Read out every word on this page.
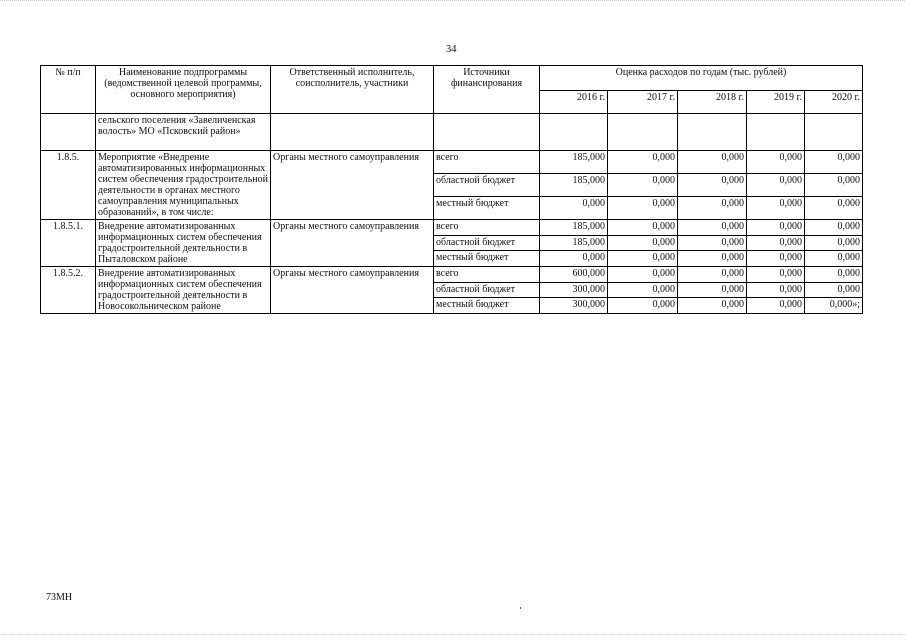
34
№ п/п	Наименование подпрограммы (ведомственной целевой программы, основного мероприятия)	Ответственный исполнитель, соисполнитель, участники	Источники финансирования	Оценка расходов по годам (тыс. рублей)				
				2016 г.	2017 г.	2018 г.	2019 г.	2020 г.
	сельского поселения «Завеличенская волость» МО «Псковский район»							
1.8.5.	Мероприятие «Внедрение автоматизированных информационных систем обеспечения градостроительной деятельности в органах местного самоуправления муниципальных образований», в том числе:	Органы местного самоуправления	всего	185,000	0,000	0,000	0,000	0,000
			областной бюджет	185,000	0,000	0,000	0,000	0,000
			местный бюджет	0,000	0,000	0,000	0,000	0,000
1.8.5.1.	Внедрение автоматизированных информационных систем обеспечения градостроительной деятельности в Пыталовском районе	Органы местного самоуправления	всего	185,000	0,000	0,000	0,000	0,000
			областной бюджет	185,000	0,000	0,000	0,000	0,000
			местный бюджет	0,000	0,000	0,000	0,000	0,000
1.8.5.2.	Внедрение автоматизированных информационных систем обеспечения градостроительной деятельности в Новосокольническом районе	Органы местного самоуправления	всего	600,000	0,000	0,000	0,000	0,000
			областной бюджет	300,000	0,000	0,000	0,000	0,000
			местный бюджет	300,000	0,000	0,000	0,000	0,000»;
73МН
